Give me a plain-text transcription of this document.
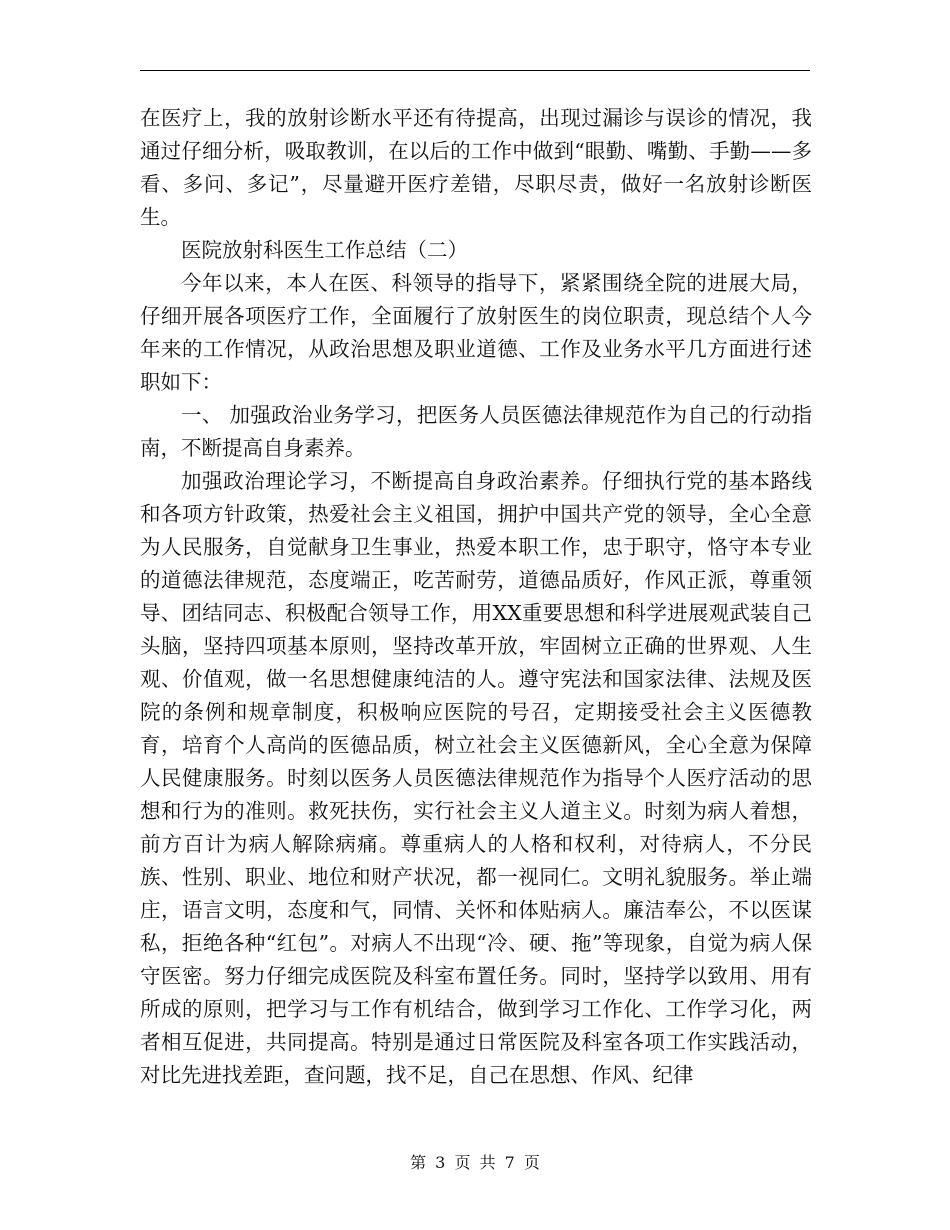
在医疗上，我的放射诊断水平还有待提高，出现过漏诊与误诊的情况，我通过仔细分析，吸取教训，在以后的工作中做到“眼勤、嘴勤、手勤——多看、多问、多记”，尽量避开医疗差错，尽职尽责，做好一名放射诊断医生。

医院放射科医生工作总结（二）

今年以来，本人在医、科领导的指导下，紧紧围绕全院的进展大局，仔细开展各项医疗工作，全面履行了放射医生的岗位职责，现总结个人今年来的工作情况，从政治思想及职业道德、工作及业务水平几方面进行述职如下：

一、 加强政治业务学习，把医务人员医德法律规范作为自己的行动指南，不断提高自身素养。

加强政治理论学习，不断提高自身政治素养。仔细执行党的基本路线和各项方针政策，热爱社会主义祖国，拥护中国共产党的领导，全心全意为人民服务，自觉献身卫生事业，热爱本职工作，忠于职守，恪守本专业的道德法律规范，态度端正，吃苦耐劳，道德品质好，作风正派，尊重领导、团结同志、积极配合领导工作，用XX重要思想和科学进展观武装自己头脑，坚持四项基本原则，坚持改革开放，牢固树立正确的世界观、人生观、价值观，做一名思想健康纯洁的人。遵守宪法和国家法律、法规及医院的条例和规章制度，积极响应医院的号召，定期接受社会主义医德教育，培育个人高尚的医德品质，树立社会主义医德新风，全心全意为保障人民健康服务。时刻以医务人员医德法律规范作为指导个人医疗活动的思想和行为的准则。救死扶伤，实行社会主义人道主义。时刻为病人着想，前方百计为病人解除病痛。尊重病人的人格和权利，对待病人，不分民族、性别、职业、地位和财产状况，都一视同仁。文明礼貌服务。举止端庄，语言文明，态度和气，同情、关怀和体贴病人。廉洁奉公，不以医谋私，拒绝各种“红包”。对病人不出现“冷、硬、拖”等现象，自觉为病人保守医密。努力仔细完成医院及科室布置任务。同时，坚持学以致用、用有所成的原则，把学习与工作有机结合，做到学习工作化、工作学习化，两者相互促进，共同提高。特别是通过日常医院及科室各项工作实践活动，对比先进找差距，查问题，找不足，自己在思想、作风、纪律

第 3 页 共 7 页
